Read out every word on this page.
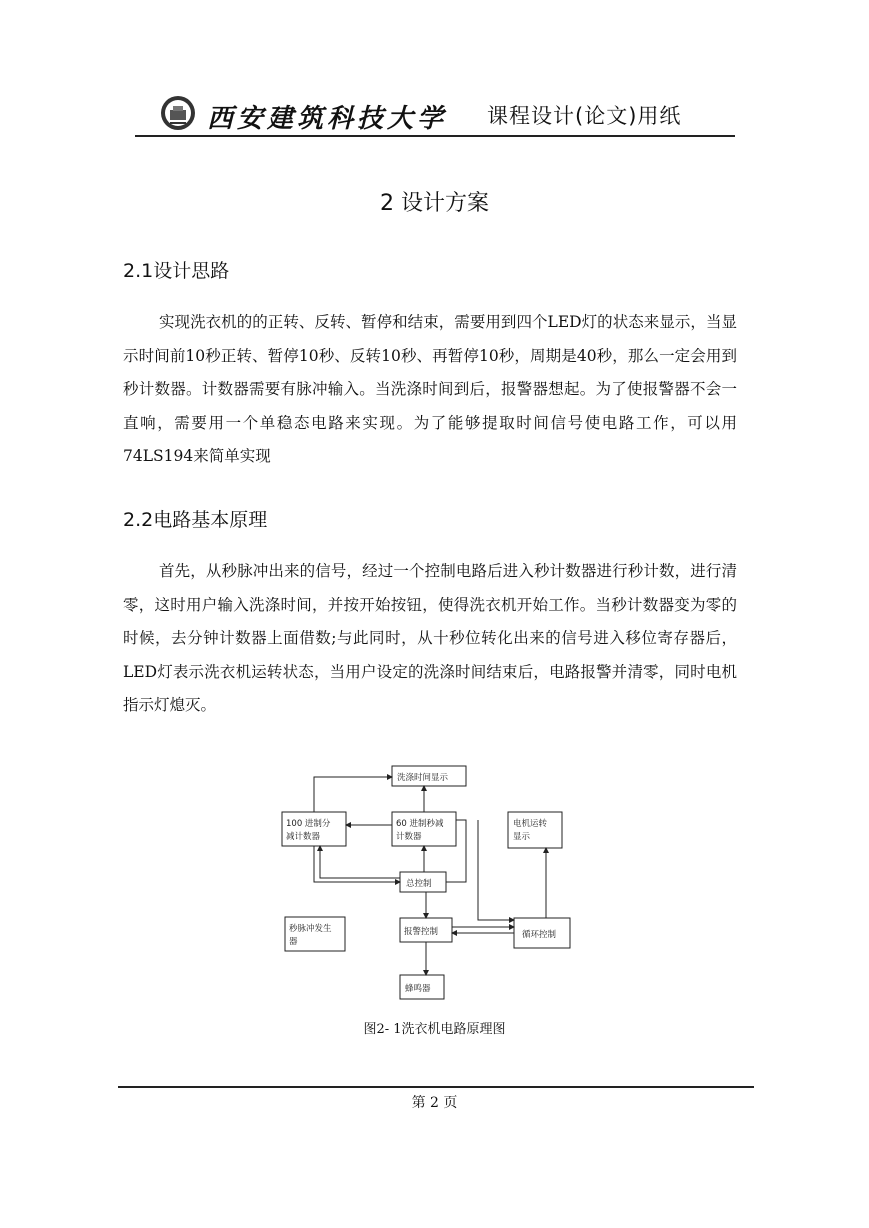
西安建筑科技大学 课程设计(论文)用纸
2 设计方案
2.1设计思路

实现洗衣机的的正转、反转、暂停和结束，需要用到四个LED灯的状态来显示，当显示时间前10秒正转、暂停10秒、反转10秒、再暂停10秒，周期是40秒，那么一定会用到秒计数器。计数器需要有脉冲输入。当洗涤时间到后，报警器想起。为了使报警器不会一直响，需要用一个单稳态电路来实现。为了能够提取时间信号使电路工作，可以用74LS194来简单实现

2.2电路基本原理

首先，从秒脉冲出来的信号，经过一个控制电路后进入秒计数器进行秒计数，进行清零，这时用户输入洗涤时间，并按开始按钮，使得洗衣机开始工作。当秒计数器变为零的时候，去分钟计数器上面借数;与此同时，从十秒位转化出来的信号进入移位寄存器后，LED灯表示洗衣机运转状态，当用户设定的洗涤时间结束后，电路报警并清零，同时电机指示灯熄灭。

洗涤时间显示
100 进制分
减计数器
60 进制秒减
计数器
电机运转
显示
总控制
秒脉冲发生
器
报警控制	循环控制
蜂鸣器
图2- 1洗衣机电路原理图
第 2 页
